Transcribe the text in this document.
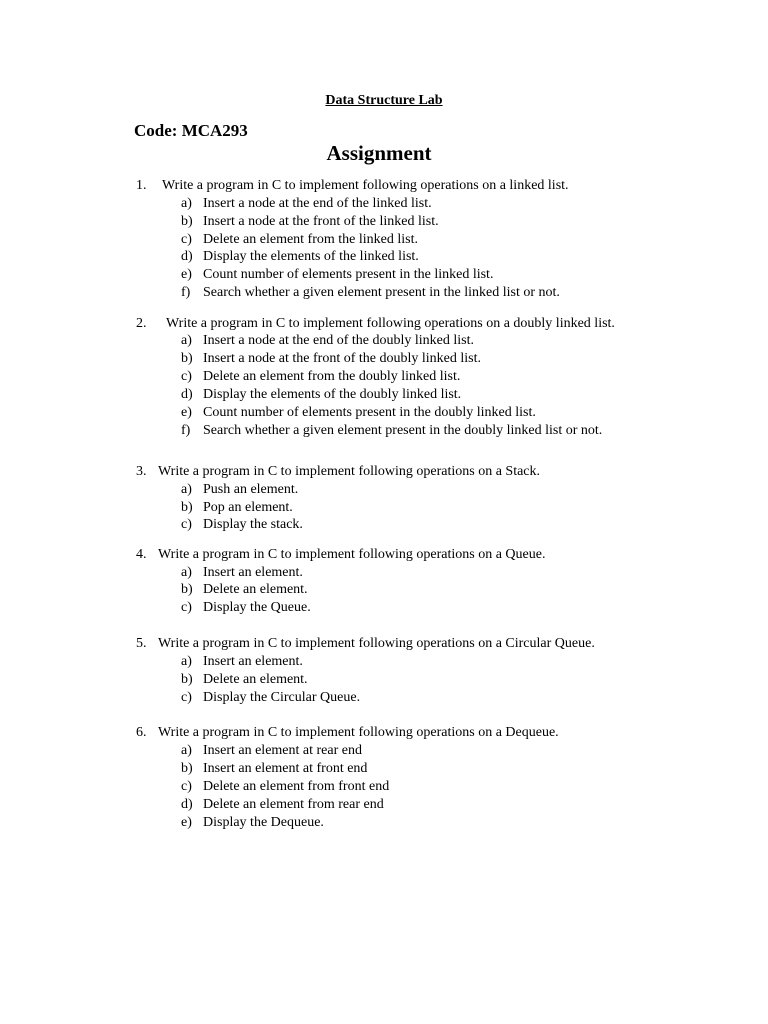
Data Structure Lab
Code: MCA293
Assignment
1. Write a program in C to implement following operations on a linked list.
a) Insert a node at the end of the linked list.
b) Insert a node at the front of the linked list.
c) Delete an element from the linked list.
d) Display the elements of the linked list.
e) Count number of elements present in the linked list.
f) Search whether a given element present in the linked list or not.
2. Write a program in C to implement following operations on a doubly linked list.
a) Insert a node at the end of the doubly linked list.
b) Insert a node at the front of the doubly linked list.
c) Delete an element from the doubly linked list.
d) Display the elements of the doubly linked list.
e) Count number of elements present in the doubly linked list.
f) Search whether a given element present in the doubly linked list or not.
3. Write a program in C to implement following operations on a Stack.
a) Push an element.
b) Pop an element.
c) Display the stack.
4. Write a program in C to implement following operations on a Queue.
a) Insert an element.
b) Delete an element.
c) Display the Queue.
5. Write a program in C to implement following operations on a Circular Queue.
a) Insert an element.
b) Delete an element.
c) Display the Circular Queue.
6. Write a program in C to implement following operations on a Dequeue.
a) Insert an element at rear end
b) Insert an element at front end
c) Delete an element from front end
d) Delete an element from rear end
e) Display the Dequeue.
